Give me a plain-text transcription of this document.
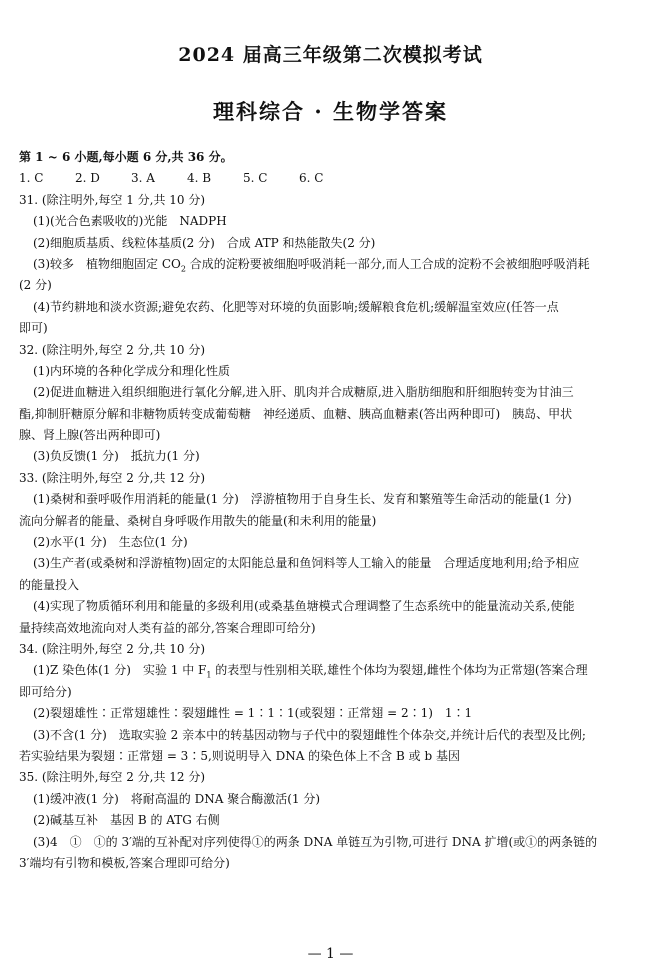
2024 届高三年级第二次模拟考试
理科综合 · 生物学答案
第 1 ~ 6 小题,每小题 6 分,共 36 分。
1. C	2. D	3. A	4. B	5. C	6. C
31. (除注明外,每空 1 分,共 10 分)
(1)(光合色素吸收的)光能　NADPH
(2)细胞质基质、线粒体基质(2 分)　合成 ATP 和热能散失(2 分)
(3)较多　植物细胞固定 $CO_2$ 合成的淀粉要被细胞呼吸消耗一部分,而人工合成的淀粉不会被细胞呼吸消耗
(2 分)
(4)节约耕地和淡水资源;避免农药、化肥等对环境的负面影响;缓解粮食危机;缓解温室效应(任答一点
即可)
32. (除注明外,每空 2 分,共 10 分)
(1)内环境的各种化学成分和理化性质
(2)促进血糖进入组织细胞进行氧化分解,进入肝、肌肉并合成糖原,进入脂肪细胞和肝细胞转变为甘油三
酯,抑制肝糖原分解和非糖物质转变成葡萄糖　神经递质、血糖、胰高血糖素(答出两种即可)　胰岛、甲状
腺、肾上腺(答出两种即可)
(3)负反馈(1 分)　抵抗力(1 分)
33. (除注明外,每空 2 分,共 12 分)
(1)桑树和蚕呼吸作用消耗的能量(1 分)　浮游植物用于自身生长、发育和繁殖等生命活动的能量(1 分)
流向分解者的能量、桑树自身呼吸作用散失的能量(和未利用的能量)
(2)水平(1 分)　生态位(1 分)
(3)生产者(或桑树和浮游植物)固定的太阳能总量和鱼饲料等人工输入的能量　合理适度地利用;给予相应
的能量投入
(4)实现了物质循环利用和能量的多级利用(或桑基鱼塘模式合理调整了生态系统中的能量流动关系,使能
量持续高效地流向对人类有益的部分,答案合理即可给分)
34. (除注明外,每空 2 分,共 10 分)
(1)Z 染色体(1 分)　实验 1 中 $F_1$ 的表型与性别相关联,雄性个体均为裂翅,雌性个体均为正常翅(答案合理
即可给分)
(2)裂翅雄性∶正常翅雄性∶裂翅雌性 = 1∶1∶1(或裂翅∶正常翅 = 2∶1)　1∶1
(3)不含(1 分)　选取实验 2 亲本中的转基因动物与子代中的裂翅雌性个体杂交,并统计后代的表型及比例;
若实验结果为裂翅∶正常翅 = 3∶5,则说明导入 DNA 的染色体上不含 B 或 b 基因
35. (除注明外,每空 2 分,共 12 分)
(1)缓冲液(1 分)　将耐高温的 DNA 聚合酶激活(1 分)
(2)碱基互补　基因 B 的 ATG 右侧
(3)4　①　①的 3′端的互补配对序列使得①的两条 DNA 单链互为引物,可进行 DNA 扩增(或①的两条链的
3′端均有引物和模板,答案合理即可给分)
— 1 —
